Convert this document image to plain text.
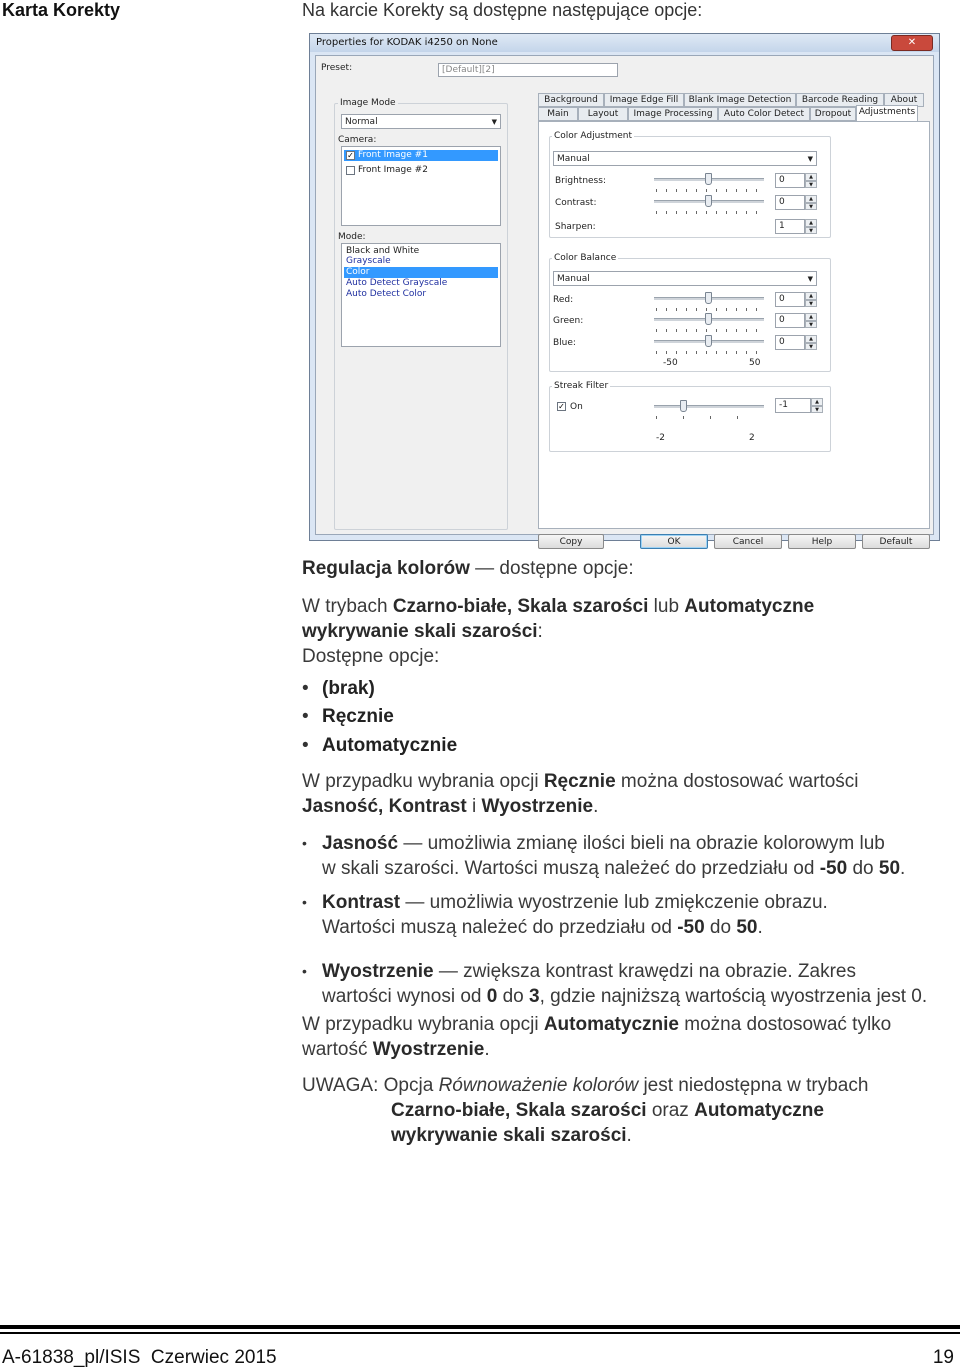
Karta Korekty	Na karcie Korekty są dostępne następujące opcje:
Properties for KODAK i4250 on None	✕
Preset:	[Default][2]
Image Mode
Normal	▼
Camera:
✓ Front Image #1
Front Image #2
Mode:
Black and White
Grayscale
Color
Auto Detect Grayscale
Auto Detect Color
Background	Image Edge Fill	Blank Image Detection	Barcode Reading	About
Main	Layout	Image Processing	Auto Color Detect	Dropout Adjustments
Color Adjustment
Manual	▼
Brightness:	0	▲
▼
Contrast:	0	▲
▼
Sharpen:	1	▲
▼
Color Balance
Manual	▼
Red:	0	▲
▼
Green:	0	▲
▼
Blue:	0	▲
▼
-50	50
Streak Filter
✓ On	-1	▲
▼
-2	2
Copy	OK	Cancel	Help	Default
Regulacja kolorów — dostępne opcje:
W trybach Czarno-białe, Skala szarości lub Automatyczne
wykrywanie skali szarości:
Dostępne opcje:
• (brak)
• Ręcznie
• Automatycznie
W przypadku wybrania opcji Ręcznie można dostosować wartości
Jasność, Kontrast i Wyostrzenie.
• Jasność — umożliwia zmianę ilości bieli na obrazie kolorowym lub
w skali szarości. Wartości muszą należeć do przedziału od -50 do 50.
• Kontrast — umożliwia wyostrzenie lub zmiękczenie obrazu.
Wartości muszą należeć do przedziału od -50 do 50.
• Wyostrzenie — zwiększa kontrast krawędzi na obrazie. Zakres
wartości wynosi od 0 do 3, gdzie najniższą wartością wyostrzenia jest 0.
W przypadku wybrania opcji Automatycznie można dostosować tylko
wartość Wyostrzenie.
UWAGA: Opcja Równoważenie kolorów jest niedostępna w trybach
Czarno-białe, Skala szarości oraz Automatyczne
wykrywanie skali szarości.
A-61838_pl/ISIS  Czerwiec 2015	19
